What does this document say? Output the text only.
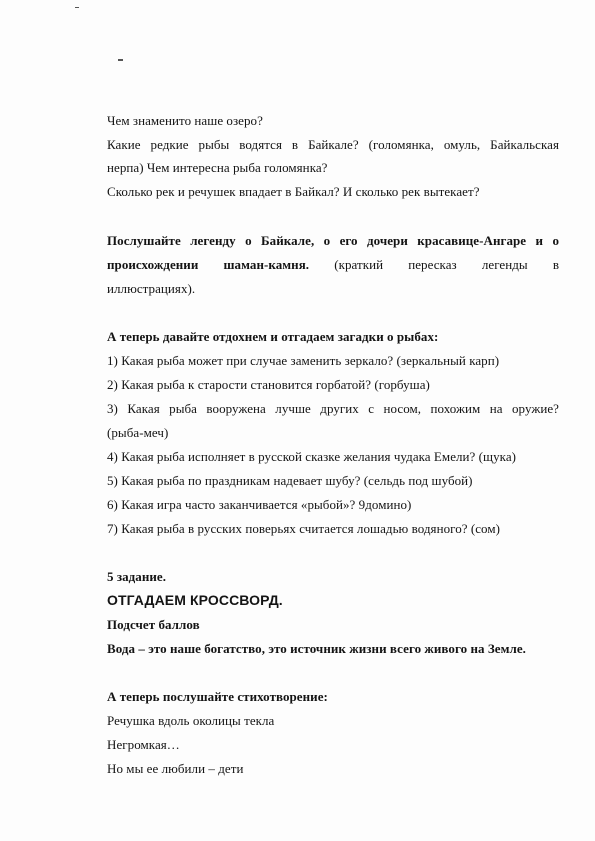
Чем знаменито наше озеро?
Какие редкие рыбы водятся в Байкале? (голомянка, омуль, Байкальская
нерпа) Чем интересна рыба голомянка?
Сколько рек и речушек впадает в Байкал? И сколько рек вытекает?
Послушайте легенду о Байкале, о его дочери красавице-Ангаре и о
происхождении шаман-камня. (краткий пересказ легенды в
иллюстрациях).
А теперь давайте отдохнем и отгадаем загадки о рыбах:
1) Какая рыба может при случае заменить зеркало? (зеркальный карп)
2) Какая рыба к старости становится горбатой? (горбуша)
3) Какая рыба вооружена лучше других с носом, похожим на оружие?
(рыба-меч)
4) Какая рыба исполняет в русской сказке желания чудака Емели? (щука)
5) Какая рыба по праздникам надевает шубу? (сельдь под шубой)
6) Какая игра часто заканчивается «рыбой»? 9домино)
7) Какая рыба в русских поверьях считается лошадью водяного? (сом)
5 задание.
ОТГАДАЕМ КРОССВОРД.
Подсчет баллов
Вода – это наше богатство, это источник жизни всего живого на Земле.
А теперь послушайте стихотворение:
Речушка вдоль околицы текла
Негромкая…
Но мы ее любили – дети
